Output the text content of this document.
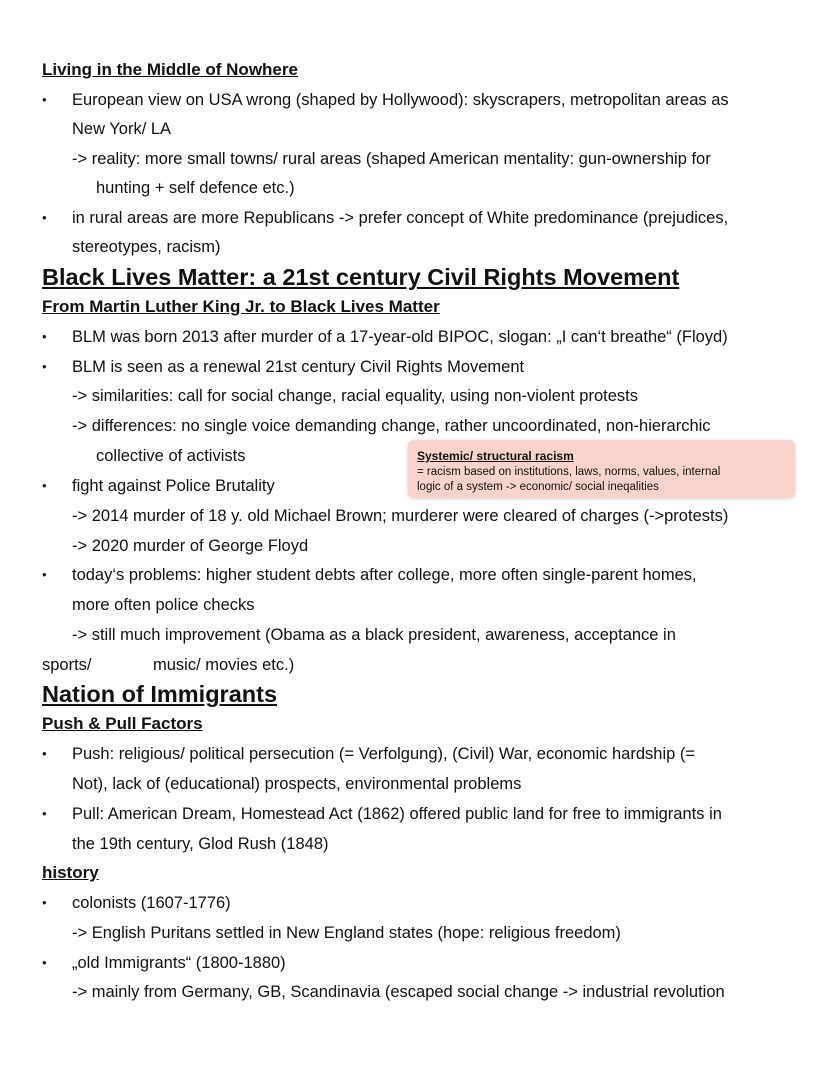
Living in the Middle of Nowhere
• European view on USA wrong (shaped by Hollywood): skyscrapers, metropolitan areas as
New York/ LA
-> reality: more small towns/ rural areas (shaped American mentality: gun-ownership for
hunting + self defence etc.)
• in rural areas are more Republicans -> prefer concept of White predominance (prejudices,
stereotypes, racism)
Black Lives Matter: a 21st century Civil Rights Movement
From Martin Luther King Jr. to Black Lives Matter
• BLM was born 2013 after murder of a 17-year-old BIPOC, slogan: „I can‘t breathe“ (Floyd)
• BLM is seen as a renewal 21st century Civil Rights Movement
-> similarities: call for social change, racial equality, using non-violent protests
-> differences: no single voice demanding change, rather uncoordinated, non-hierarchic
collective of activists
• fight against Police Brutality
-> 2014 murder of 18 y. old Michael Brown; murderer were cleared of charges (->protests)
-> 2020 murder of George Floyd
• today‘s problems: higher student debts after college, more often single-parent homes,
more often police checks
-> still much improvement (Obama as a black president, awareness, acceptance in
sports/	music/ movies etc.)
Systemic/ structural racism
= racism based on institutions, laws, norms, values, internal
logic of a system -> economic/ social ineqalities
Nation of Immigrants
Push & Pull Factors
• Push: religious/ political persecution (= Verfolgung), (Civil) War, economic hardship (=
Not), lack of (educational) prospects, environmental problems
• Pull: American Dream, Homestead Act (1862) offered public land for free to immigrants in
the 19th century, Glod Rush (1848)
history
• colonists (1607-1776)
-> English Puritans settled in New England states (hope: religious freedom)
• „old Immigrants“ (1800-1880)
-> mainly from Germany, GB, Scandinavia (escaped social change -> industrial revolution
